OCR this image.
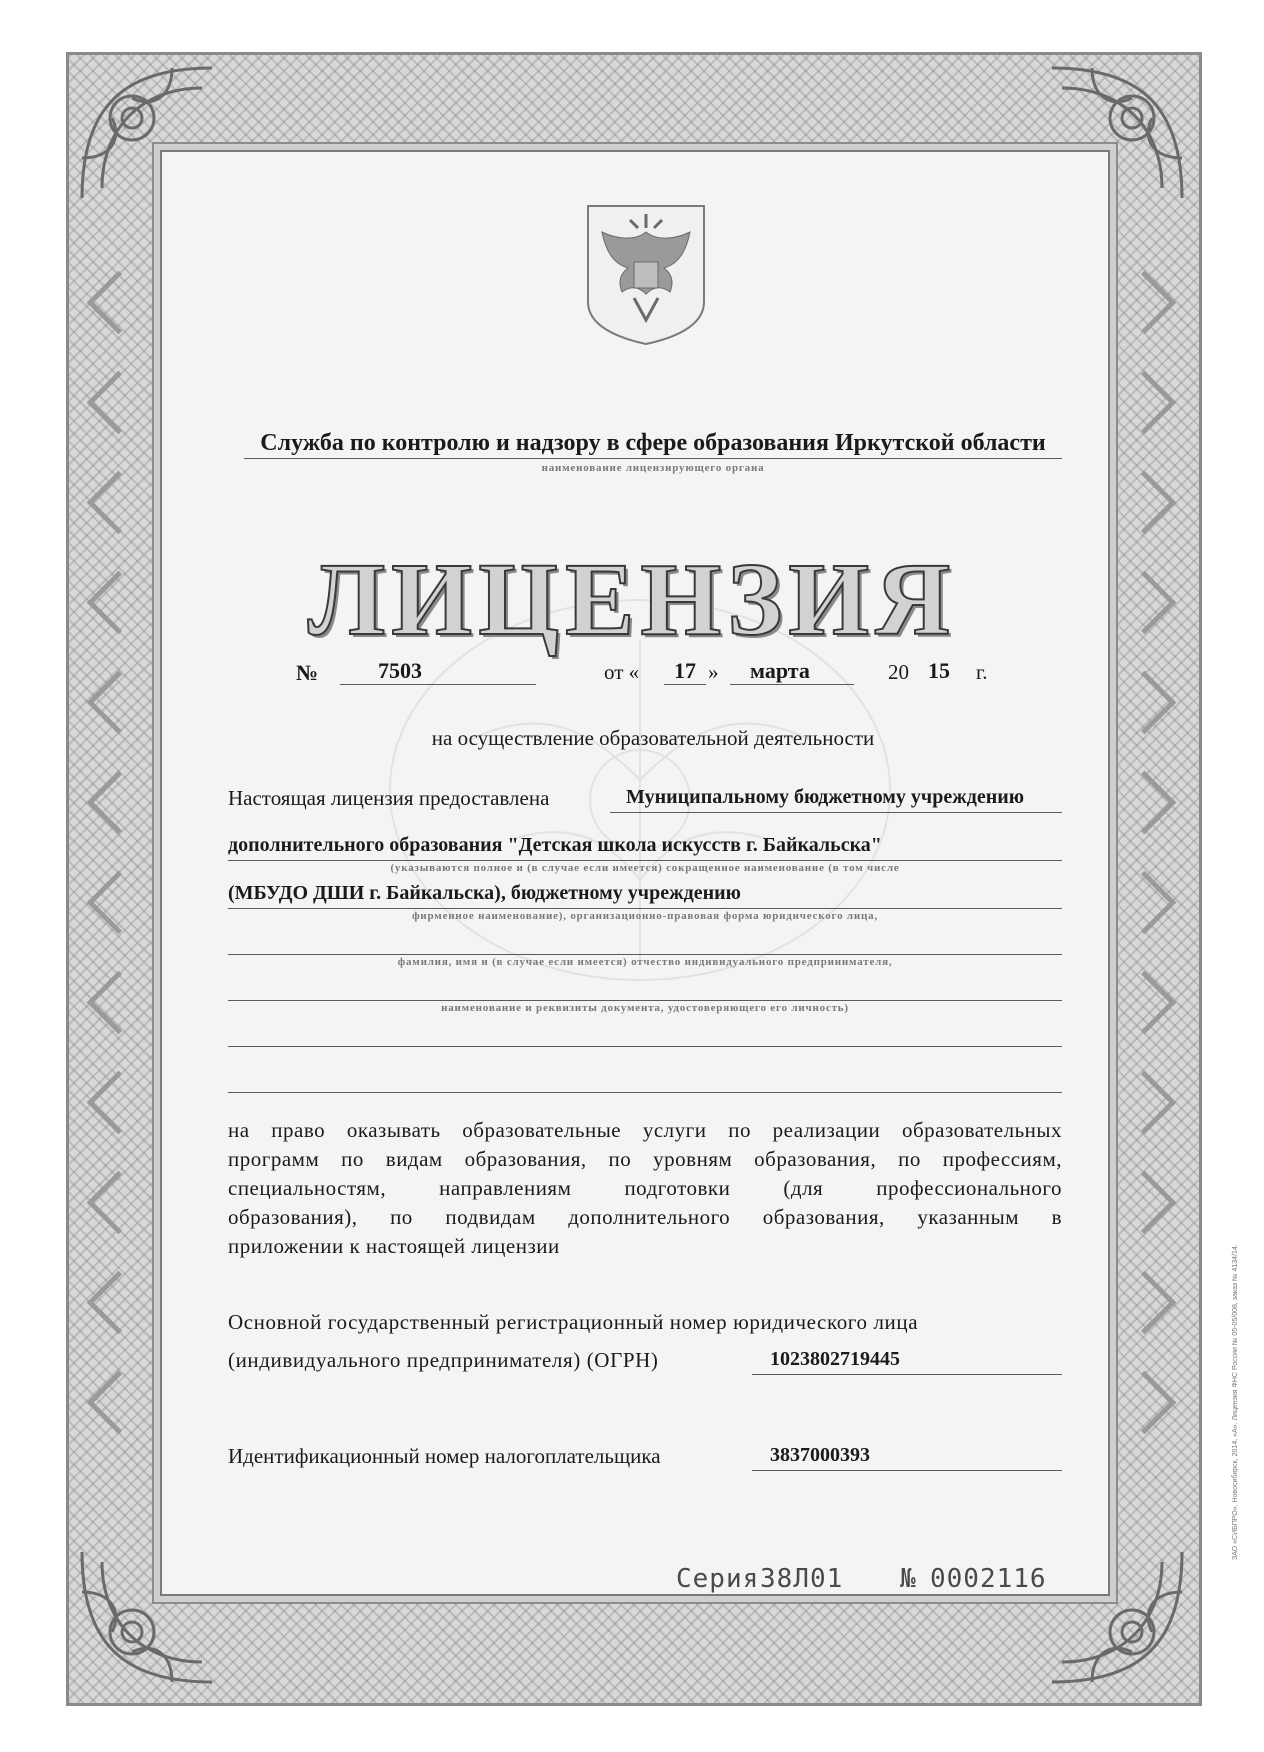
Служба по контролю и надзору в сфере образования Иркутской области
наименование лицензирующего органа
ЛИЦЕНЗИЯ
№	7503	от « 17 » марта	20 15 г.
на осуществление образовательной деятельности
Настоящая лицензия предоставлена	Муниципальному бюджетному учреждению
дополнительного образования "Детская школа искусств г. Байкальска"
(указываются полное и (в случае если имеется) сокращенное наименование (в том числе
(МБУДО ДШИ г. Байкальска), бюджетному учреждению
фирменное наименование), организационно-правовая форма юридического лица,
фамилия, имя и (в случае если имеется) отчество индивидуального предпринимателя,
наименование и реквизиты документа, удостоверяющего его личность)
на право оказывать образовательные услуги по реализации образовательных
программ по видам образования, по уровням образования, по профессиям,
специальностям, направлениям подготовки (для профессионального
образования), по подвидам дополнительного образования, указанным в
приложении к настоящей лицензии
Основной государственный регистрационный номер юридического лица
(индивидуального предпринимателя) (ОГРН)	1023802719445
Идентификационный номер налогоплательщика	3837000393
Серия 38Л01 № 0002116
ЗАО «СИБПРО», Новосибирск, 2014, «А». Лицензия ФНС России № 05-05/008, заказ № 4134/14.
